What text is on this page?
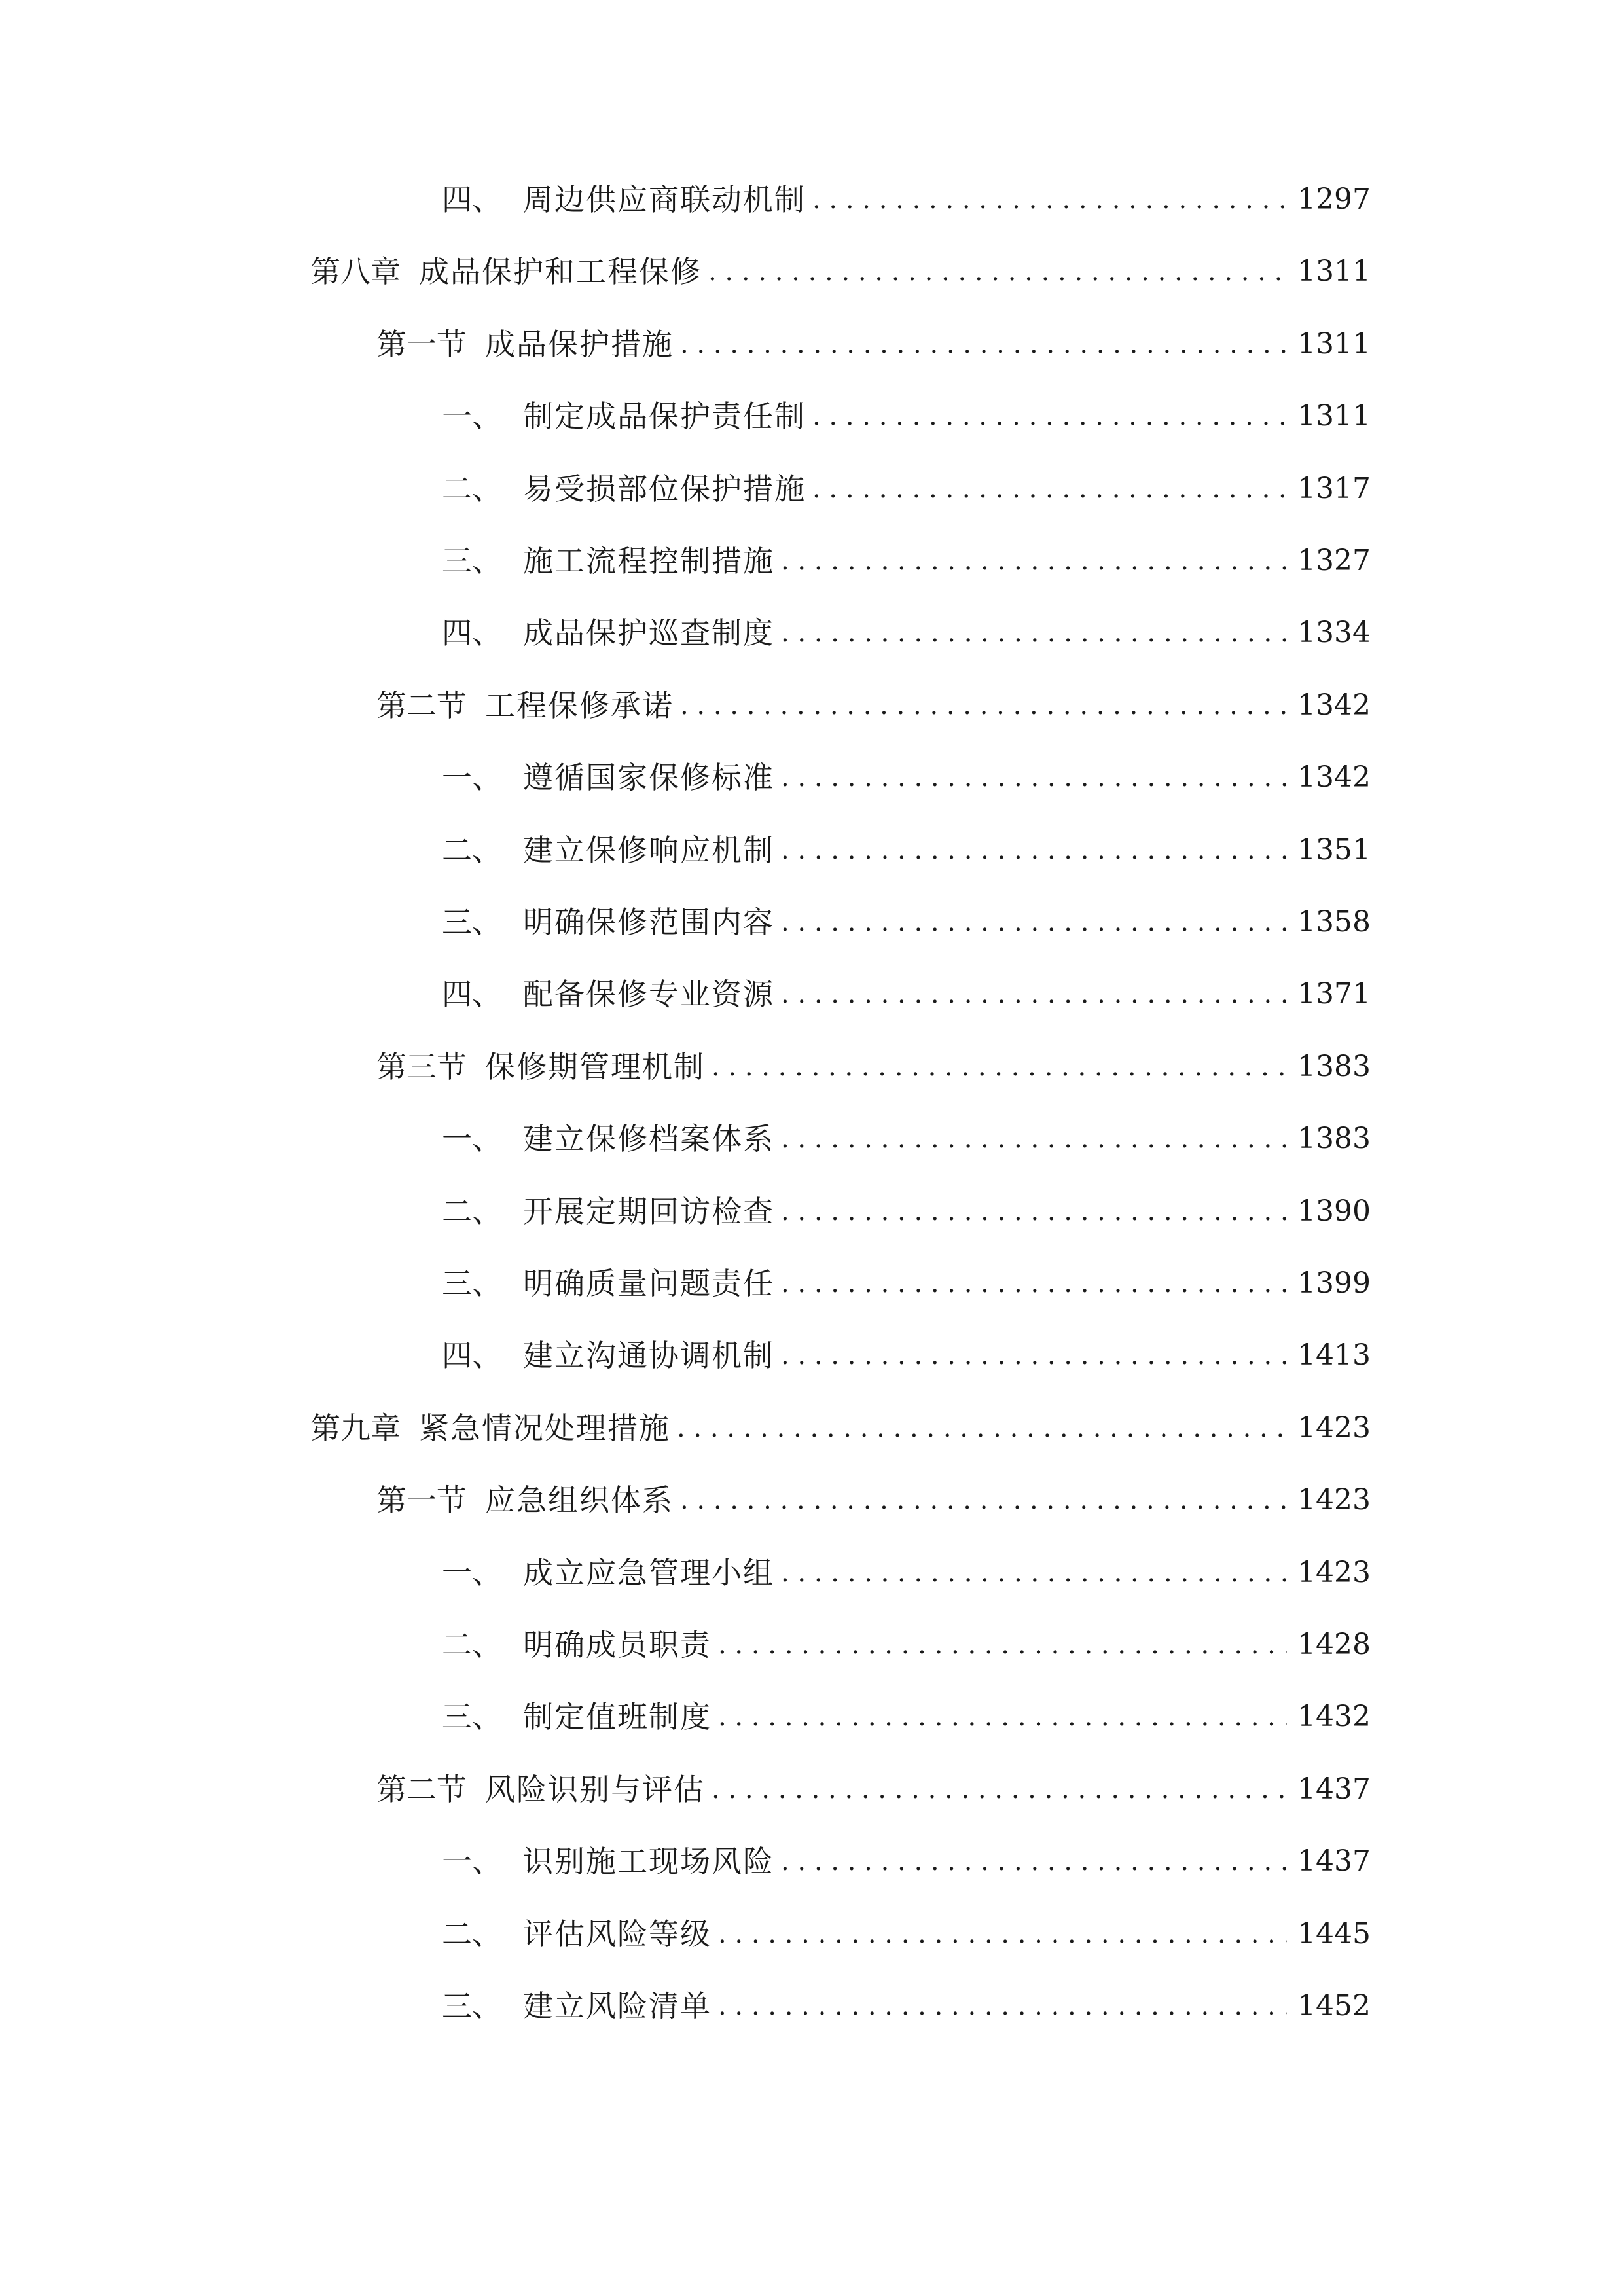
四、 周边供应商联动机制 . . .	1297
第八章 成品保护和工程保修 . . .	1311
第一节 成品保护措施 . . .	1311
一、 制定成品保护责任制 . . .	1311
二、 易受损部位保护措施 . . .	1317
三、 施工流程控制措施 . . .	1327
四、 成品保护巡查制度 . . .	1334
第二节 工程保修承诺 . . .	1342
一、 遵循国家保修标准 . . .	1342
二、 建立保修响应机制 . . .	1351
三、 明确保修范围内容 . . .	1358
四、 配备保修专业资源 . . .	1371
第三节 保修期管理机制 . . .	1383
一、 建立保修档案体系 . . .	1383
二、 开展定期回访检查 . . .	1390
三、 明确质量问题责任 . . .	1399
四、 建立沟通协调机制 . . .	1413
第九章 紧急情况处理措施 . . .	1423
第一节 应急组织体系 . . .	1423
一、 成立应急管理小组 . . .	1423
二、 明确成员职责 . . .	1428
三、 制定值班制度 . . .	1432
第二节 风险识别与评估 . . .	1437
一、 识别施工现场风险 . . .	1437
二、 评估风险等级 . . .	1445
三、 建立风险清单 . . .	1452
